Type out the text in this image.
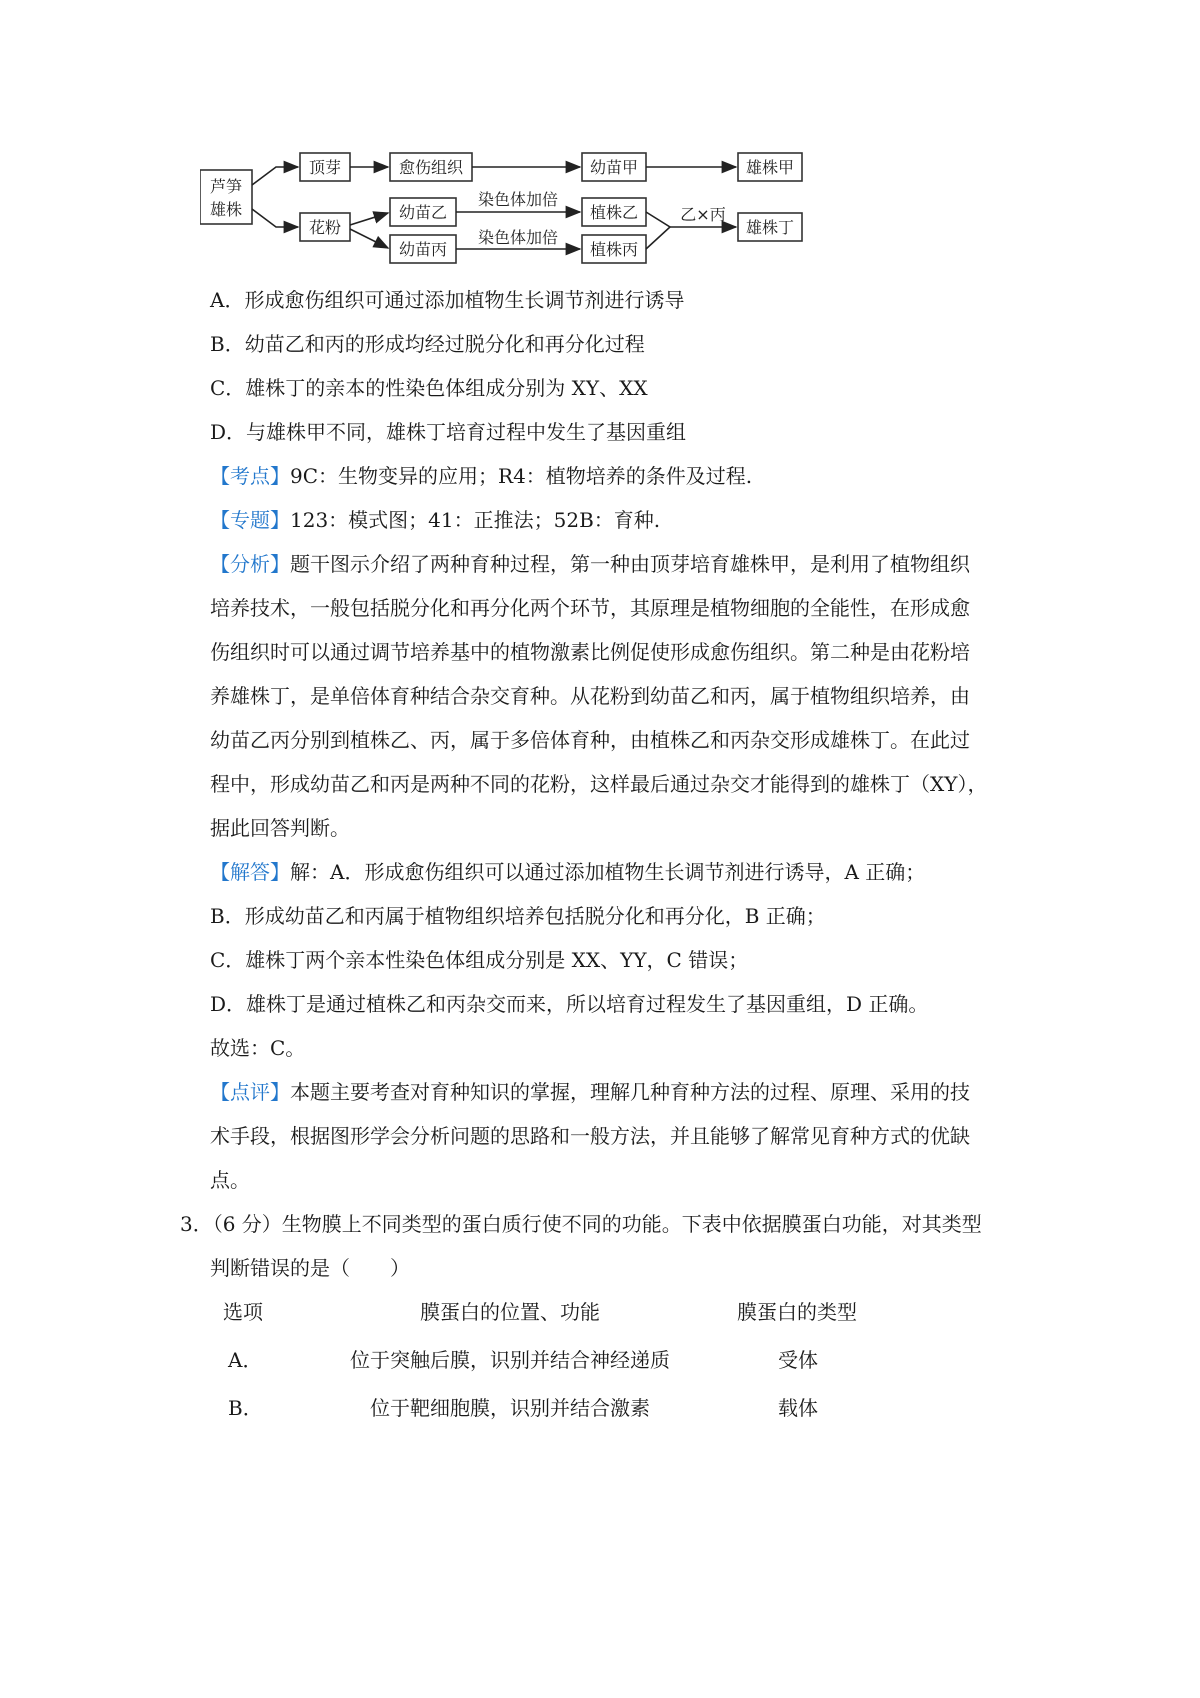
芦笋
雄株
顶芽
花粉
愈伤组织	幼苗甲	雄株甲
幼苗乙
幼苗丙
植株乙
植株丙
雄株丁
染色体加倍
染色体加倍
乙×丙
A．形成愈伤组织可通过添加植物生长调节剂进行诱导
B．幼苗乙和丙的形成均经过脱分化和再分化过程
C．雄株丁的亲本的性染色体组成分别为 XY、XX
D．与雄株甲不同，雄株丁培育过程中发生了基因重组
【考点】9C：生物变异的应用；R4：植物培养的条件及过程.
【专题】123：模式图；41：正推法；52B：育种.
【分析】题干图示介绍了两种育种过程，第一种由顶芽培育雄株甲，是利用了植物组织
培养技术，一般包括脱分化和再分化两个环节，其原理是植物细胞的全能性，在形成愈
伤组织时可以通过调节培养基中的植物激素比例促使形成愈伤组织。第二种是由花粉培
养雄株丁，是单倍体育种结合杂交育种。从花粉到幼苗乙和丙，属于植物组织培养，由
幼苗乙丙分别到植株乙、丙，属于多倍体育种，由植株乙和丙杂交形成雄株丁。在此过
程中，形成幼苗乙和丙是两种不同的花粉，这样最后通过杂交才能得到的雄株丁（XY），
据此回答判断。
【解答】解：A．形成愈伤组织可以通过添加植物生长调节剂进行诱导，A 正确；
B．形成幼苗乙和丙属于植物组织培养包括脱分化和再分化，B 正确；
C．雄株丁两个亲本性染色体组成分别是 XX、YY，C 错误；
D．雄株丁是通过植株乙和丙杂交而来，所以培育过程发生了基因重组，D 正确。
故选：C。
【点评】本题主要考查对育种知识的掌握，理解几种育种方法的过程、原理、采用的技
术手段，根据图形学会分析问题的思路和一般方法，并且能够了解常见育种方式的优缺
点。
3．（6 分）生物膜上不同类型的蛋白质行使不同的功能。下表中依据膜蛋白功能，对其类型
判断错误的是（　　）
选项	膜蛋白的位置、功能	膜蛋白的类型
A．	位于突触后膜，识别并结合神经递质	受体
B．	位于靶细胞膜，识别并结合激素	载体
